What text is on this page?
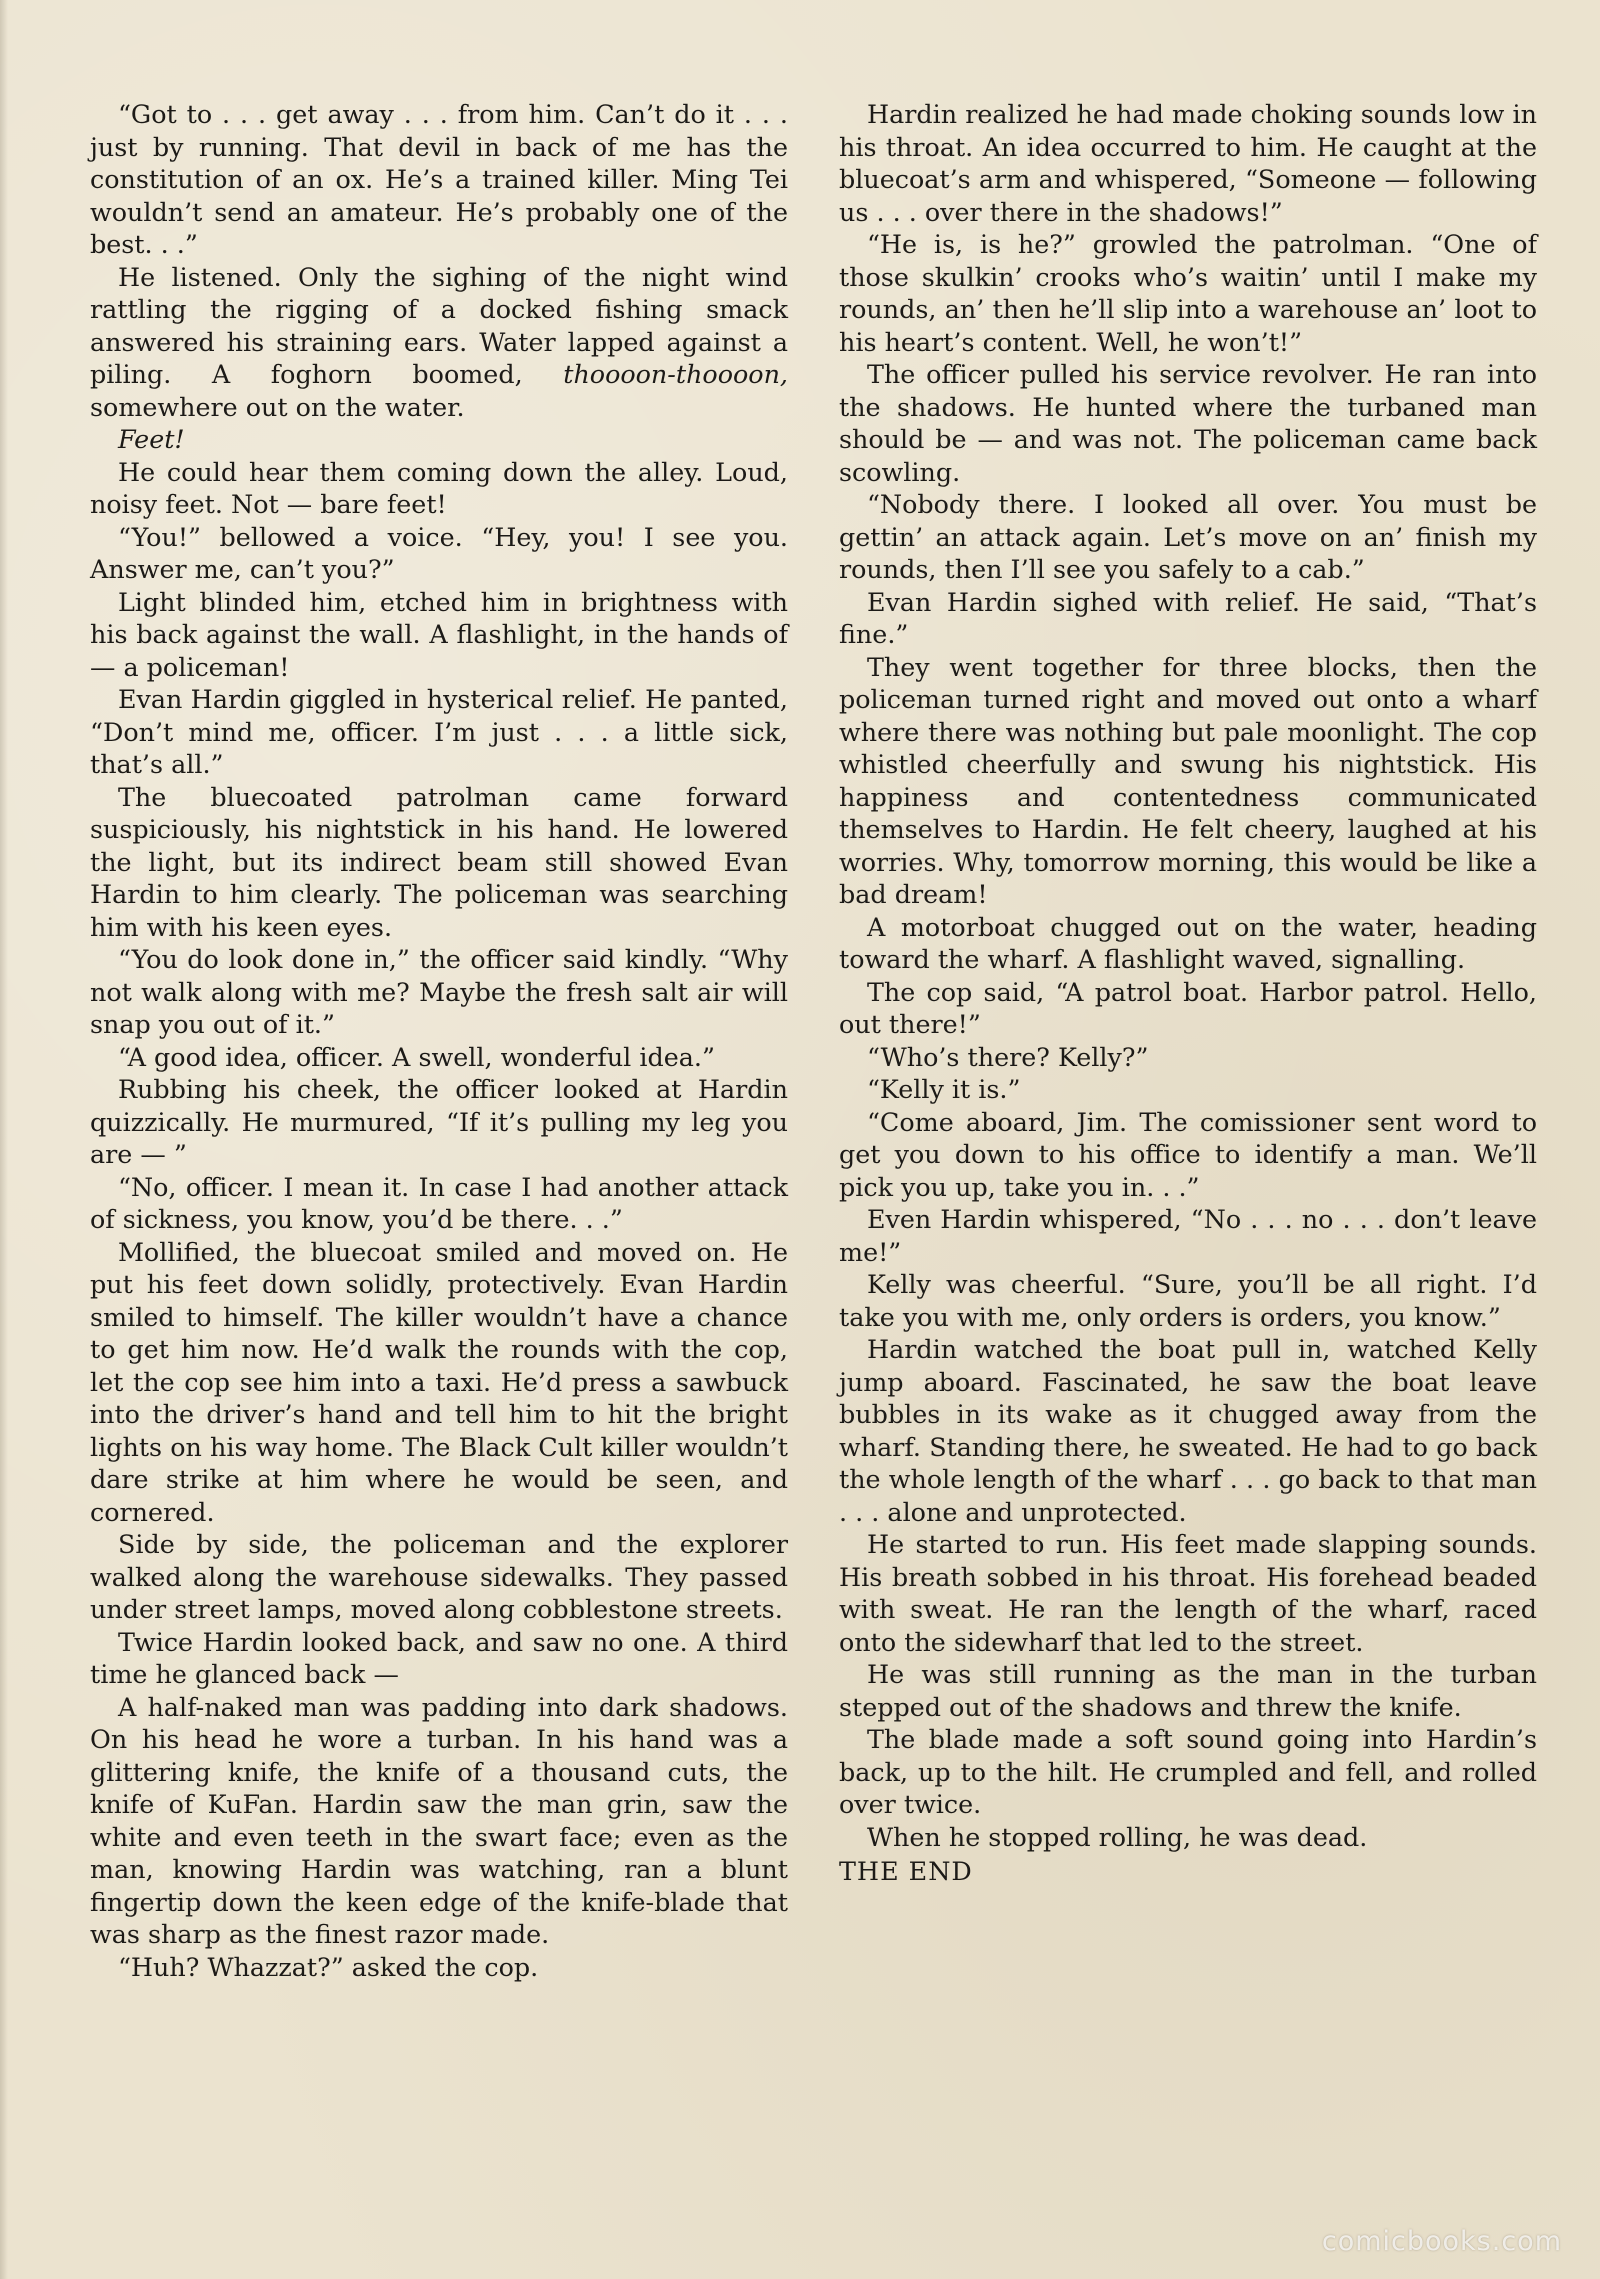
“Got to . . . get away . . . from him. Can’t do it . . . just by running. That devil in back of me has the constitution of an ox. He’s a trained killer. Ming Tei wouldn’t send an amateur. He’s probably one of the best. . .”

He listened. Only the sighing of the night wind rattling the rigging of a docked fishing smack answered his straining ears. Water lapped against a piling. A foghorn boomed, thoooon-thoooon, somewhere out on the water.

Feet!

He could hear them coming down the alley. Loud, noisy feet. Not — bare feet!

“You!” bellowed a voice. “Hey, you! I see you. Answer me, can’t you?”

Light blinded him, etched him in brightness with his back against the wall. A flashlight, in the hands of — a policeman!

Evan Hardin giggled in hysterical relief. He panted, “Don’t mind me, officer. I’m just . . . a little sick, that’s all.”

The bluecoated patrolman came forward suspiciously, his nightstick in his hand. He lowered the light, but its indirect beam still showed Evan Hardin to him clearly. The policeman was searching him with his keen eyes.

“You do look done in,” the officer said kindly. “Why not walk along with me? Maybe the fresh salt air will snap you out of it.”

“A good idea, officer. A swell, wonderful idea.”

Rubbing his cheek, the officer looked at Hardin quizzically. He murmured, “If it’s pulling my leg you are — ”

“No, officer. I mean it. In case I had another attack of sickness, you know, you’d be there. . .”

Mollified, the bluecoat smiled and moved on. He put his feet down solidly, protectively. Evan Hardin smiled to himself. The killer wouldn’t have a chance to get him now. He’d walk the rounds with the cop, let the cop see him into a taxi. He’d press a sawbuck into the driver’s hand and tell him to hit the bright lights on his way home. The Black Cult killer wouldn’t dare strike at him where he would be seen, and cornered.

Side by side, the policeman and the explorer walked along the warehouse sidewalks. They passed under street lamps, moved along cobblestone streets.

Twice Hardin looked back, and saw no one. A third time he glanced back —

A half-naked man was padding into dark shadows. On his head he wore a turban. In his hand was a glittering knife, the knife of a thousand cuts, the knife of KuFan. Hardin saw the man grin, saw the white and even teeth in the swart face; even as the man, knowing Hardin was watching, ran a blunt fingertip down the keen edge of the knife-blade that was sharp as the finest razor made.

“Huh? Whazzat?” asked the cop.

Hardin realized he had made choking sounds low in his throat. An idea occurred to him. He caught at the bluecoat’s arm and whispered, “Someone — following us . . . over there in the shadows!”

“He is, is he?” growled the patrolman. “One of those skulkin’ crooks who’s waitin’ until I make my rounds, an’ then he’ll slip into a warehouse an’ loot to his heart’s content. Well, he won’t!”

The officer pulled his service revolver. He ran into the shadows. He hunted where the turbaned man should be — and was not. The policeman came back scowling.

“Nobody there. I looked all over. You must be gettin’ an attack again. Let’s move on an’ finish my rounds, then I’ll see you safely to a cab.”

Evan Hardin sighed with relief. He said, “That’s fine.”

They went together for three blocks, then the policeman turned right and moved out onto a wharf where there was nothing but pale moonlight. The cop whistled cheerfully and swung his nightstick. His happiness and contentedness communicated themselves to Hardin. He felt cheery, laughed at his worries. Why, tomorrow morning, this would be like a bad dream!

A motorboat chugged out on the water, heading toward the wharf. A flashlight waved, signalling.

The cop said, “A patrol boat. Harbor patrol. Hello, out there!”

“Who’s there? Kelly?”

“Kelly it is.”

“Come aboard, Jim. The comissioner sent word to get you down to his office to identify a man. We’ll pick you up, take you in. . .”

Even Hardin whispered, “No . . . no . . . don’t leave me!”

Kelly was cheerful. “Sure, you’ll be all right. I’d take you with me, only orders is orders, you know.”

Hardin watched the boat pull in, watched Kelly jump aboard. Fascinated, he saw the boat leave bubbles in its wake as it chugged away from the wharf. Standing there, he sweated. He had to go back the whole length of the wharf . . . go back to that man . . . alone and unprotected.

He started to run. His feet made slapping sounds. His breath sobbed in his throat. His forehead beaded with sweat. He ran the length of the wharf, raced onto the sidewharf that led to the street.

He was still running as the man in the turban stepped out of the shadows and threw the knife.

The blade made a soft sound going into Hardin’s back, up to the hilt. He crumpled and fell, and rolled over twice.

When he stopped rolling, he was dead.

THE END

comicbooks.com
